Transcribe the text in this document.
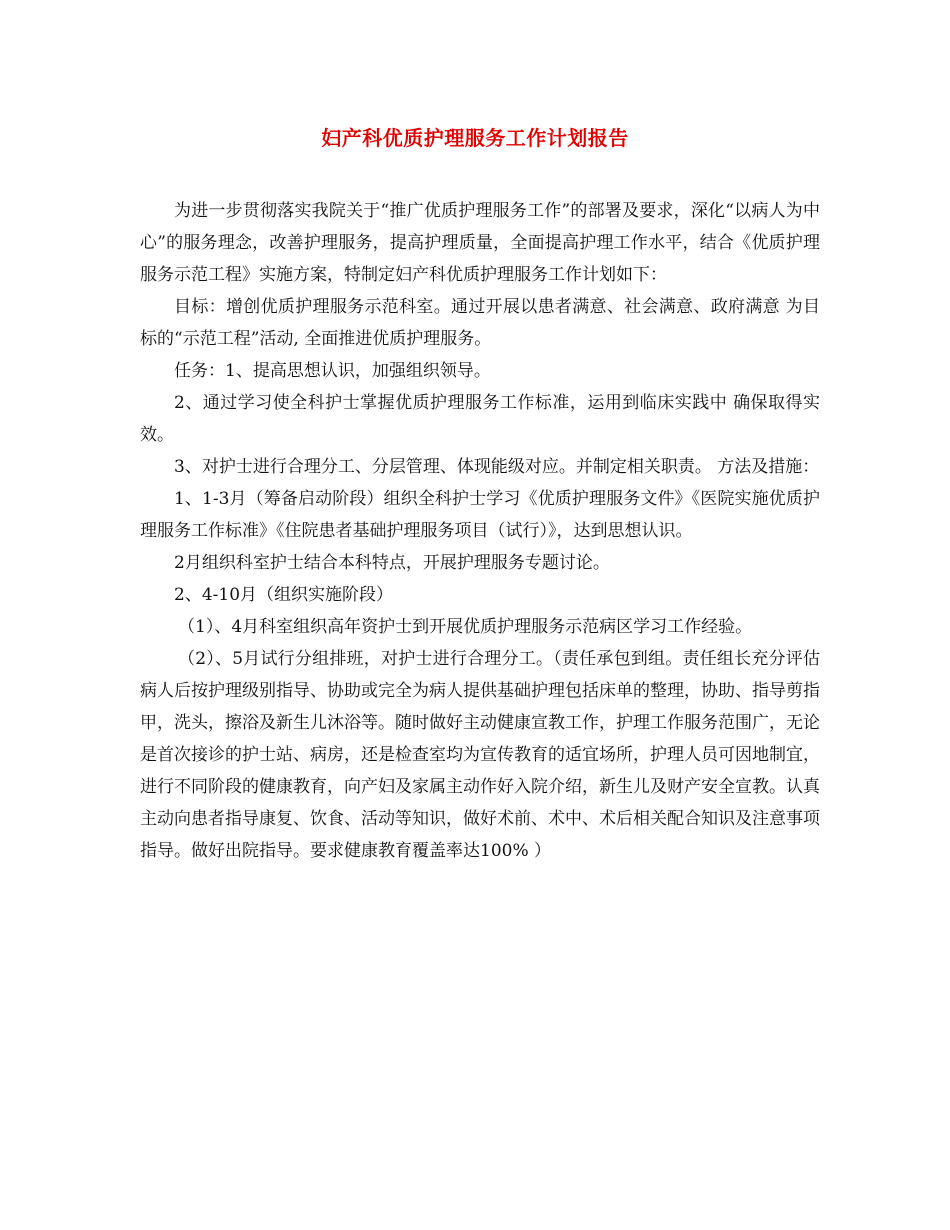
妇产科优质护理服务工作计划报告

为进一步贯彻落实我院关于“推广优质护理服务工作”的部署及要求，深化“以病人为中心”的服务理念，改善护理服务，提高护理质量，全面提高护理工作水平，结合《优质护理服务示范工程》实施方案，特制定妇产科优质护理服务工作计划如下：

目标：增创优质护理服务示范科室。通过开展以患者满意、社会满意、政府满意 为目标的“示范工程”活动, 全面推进优质护理服务。

任务：1、提高思想认识，加强组织领导。

2、通过学习使全科护士掌握优质护理服务工作标准，运用到临床实践中 确保取得实效。

3、对护士进行合理分工、分层管理、体现能级对应。并制定相关职责。 方法及措施：

1、1-3月（筹备启动阶段）组织全科护士学习《优质护理服务文件》《医院实施优质护理服务工作标准》《住院患者基础护理服务项目（试行）》，达到思想认识。

2月组织科室护士结合本科特点，开展护理服务专题讨论。

2、4-10月（组织实施阶段）

（1）、4月科室组织高年资护士到开展优质护理服务示范病区学习工作经验。

（2）、5月试行分组排班，对护士进行合理分工。（责任承包到组。责任组长充分评估病人后按护理级别指导、协助或完全为病人提供基础护理包括床单的整理，协助、指导剪指甲，洗头，擦浴及新生儿沐浴等。随时做好主动健康宣教工作，护理工作服务范围广，无论是首次接诊的护士站、病房，还是检查室均为宣传教育的适宜场所，护理人员可因地制宜，进行不同阶段的健康教育，向产妇及家属主动作好入院介绍，新生儿及财产安全宣教。认真主动向患者指导康复、饮食、活动等知识，做好术前、术中、术后相关配合知识及注意事项指导。做好出院指导。要求健康教育覆盖率达100% ）
